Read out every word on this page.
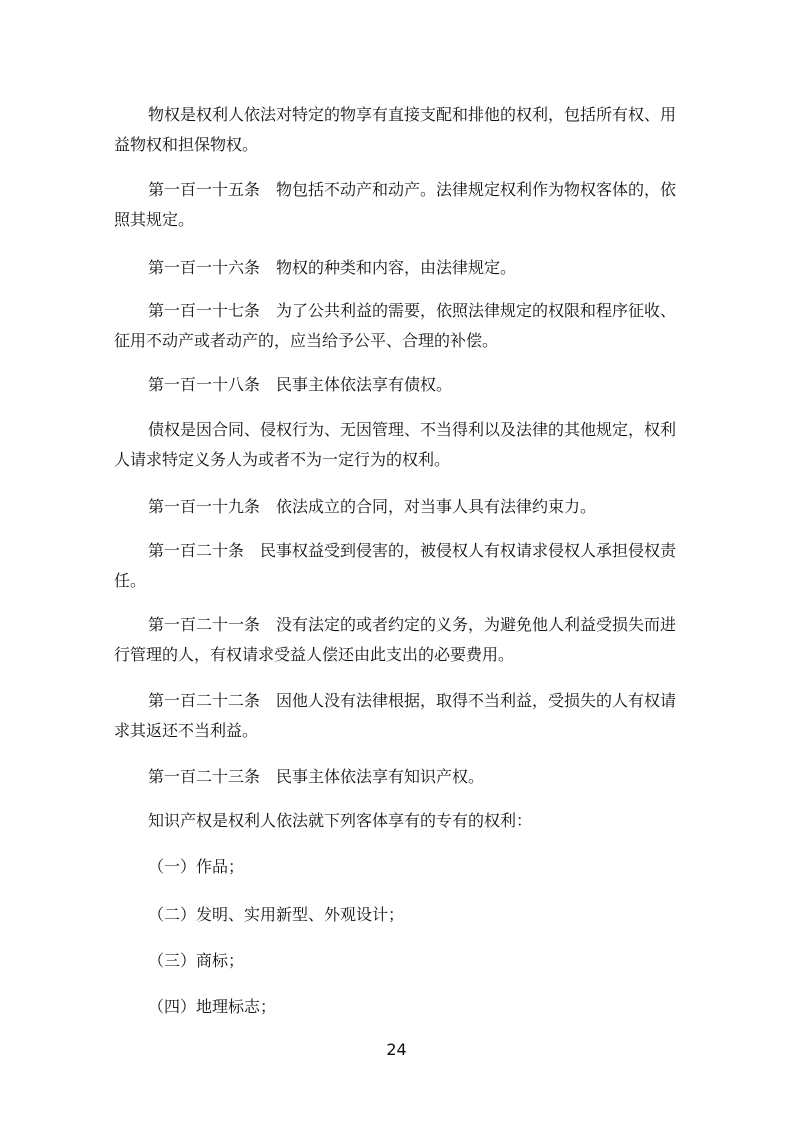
物权是权利人依法对特定的物享有直接支配和排他的权利，包括所有权、用益物权和担保物权。

第一百一十五条　物包括不动产和动产。法律规定权利作为物权客体的，依照其规定。

第一百一十六条　物权的种类和内容，由法律规定。

第一百一十七条　为了公共利益的需要，依照法律规定的权限和程序征收、征用不动产或者动产的，应当给予公平、合理的补偿。

第一百一十八条　民事主体依法享有债权。

债权是因合同、侵权行为、无因管理、不当得利以及法律的其他规定，权利人请求特定义务人为或者不为一定行为的权利。

第一百一十九条　依法成立的合同，对当事人具有法律约束力。

第一百二十条　民事权益受到侵害的，被侵权人有权请求侵权人承担侵权责任。

第一百二十一条　没有法定的或者约定的义务，为避免他人利益受损失而进行管理的人，有权请求受益人偿还由此支出的必要费用。

第一百二十二条　因他人没有法律根据，取得不当利益，受损失的人有权请求其返还不当利益。

第一百二十三条　民事主体依法享有知识产权。

知识产权是权利人依法就下列客体享有的专有的权利：

（一）作品；

（二）发明、实用新型、外观设计；

（三）商标；

（四）地理标志；

24
